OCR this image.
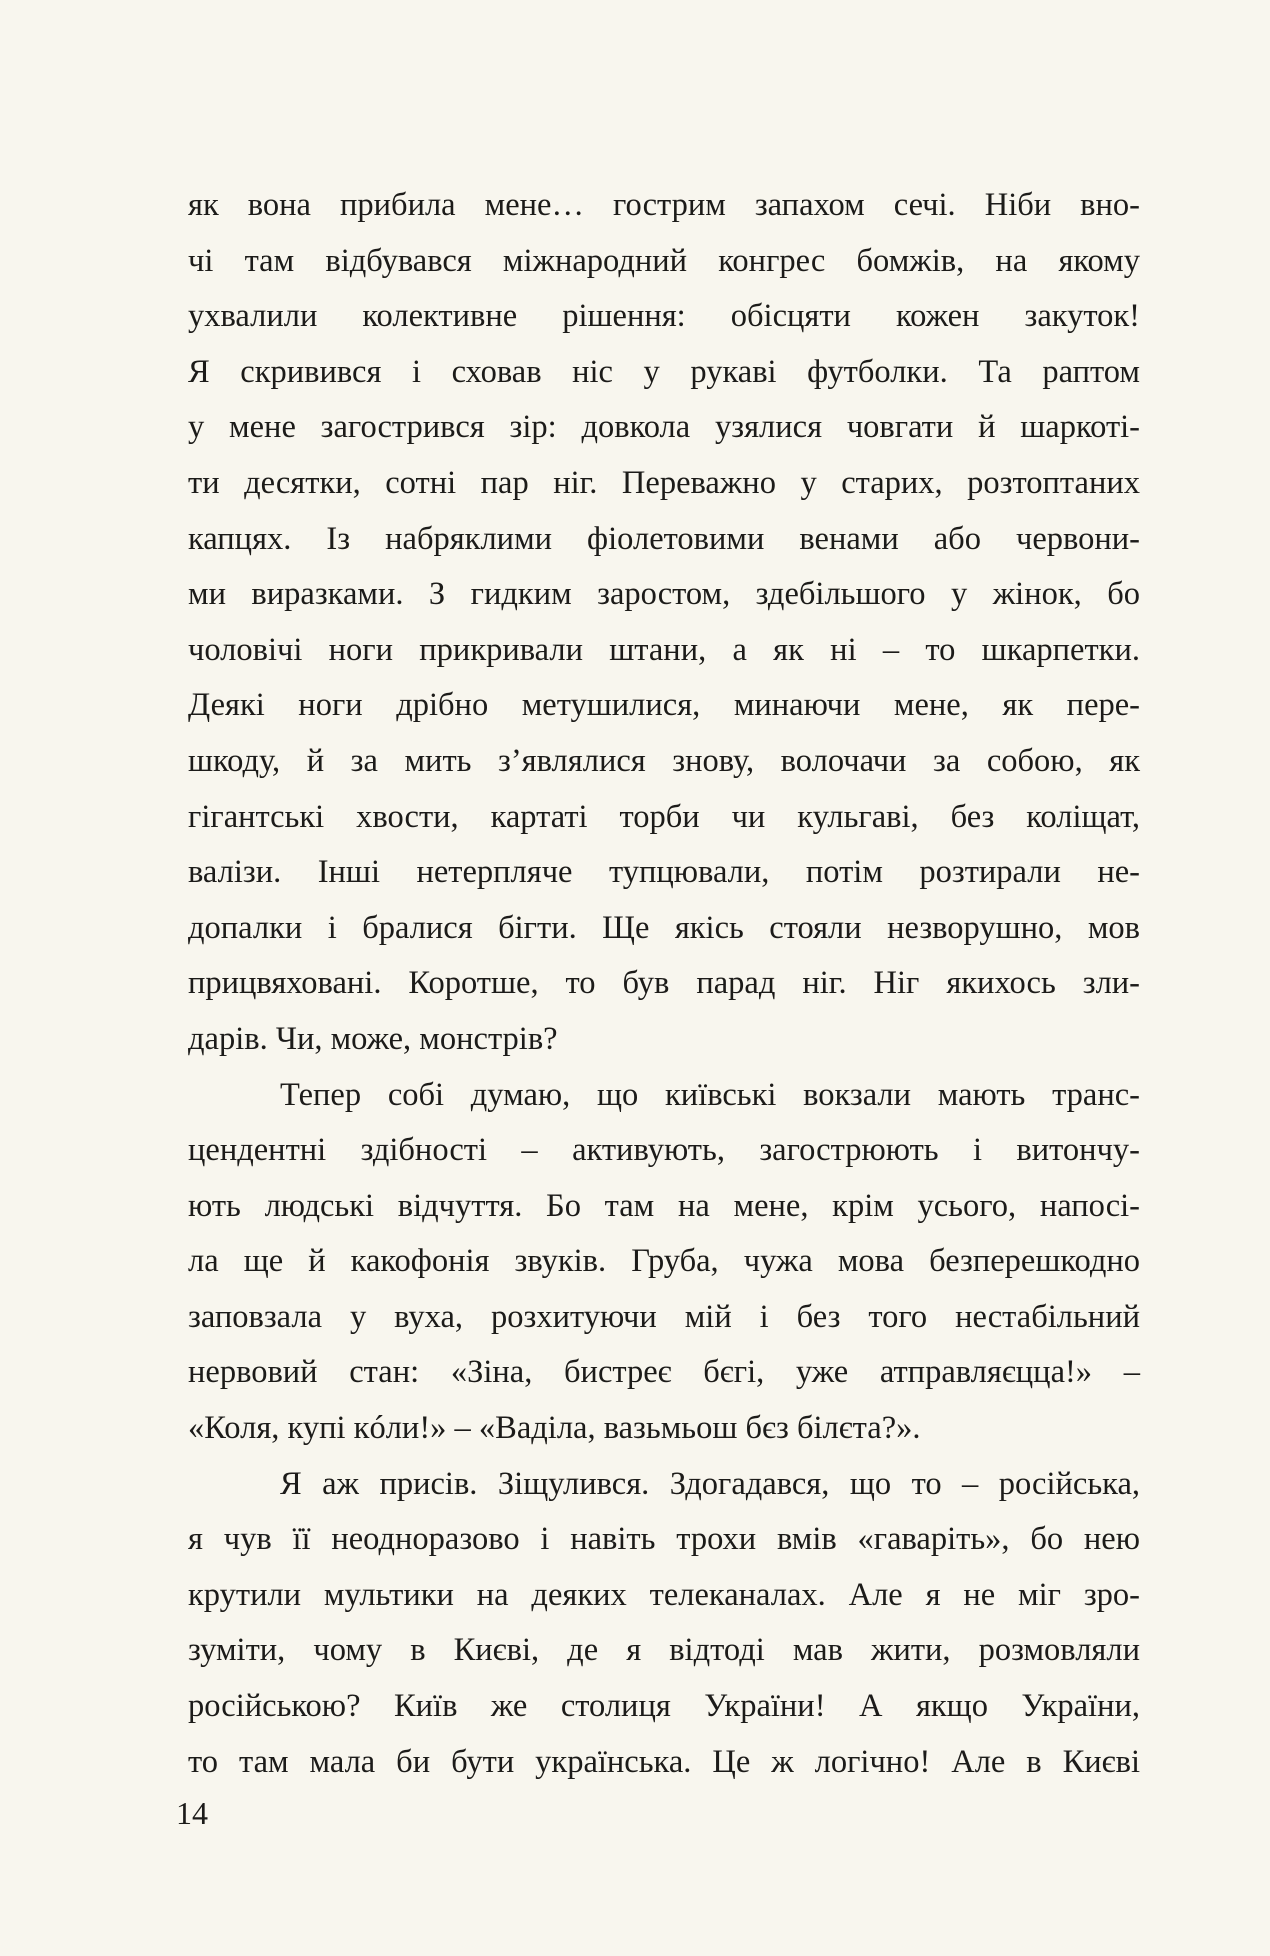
як вона прибила мене… гострим запахом сечі. Ніби вно-
чі там відбувався міжнародний конгрес бомжів, на якому
ухвалили колективне рішення: обісцяти кожен закуток!
Я скривився і сховав ніс у рукаві футболки. Та раптом
у мене загострився зір: довкола узялися човгати й шаркоті-
ти десятки, сотні пар ніг. Переважно у старих, розтоптаних
капцях. Із набряклими фіолетовими венами або червони-
ми виразками. З гидким заростом, здебільшого у жінок, бо
чоловічі ноги прикривали штани, а як ні – то шкарпетки.
Деякі ноги дрібно метушилися, минаючи мене, як пере-
шкоду, й за мить з’являлися знову, волочачи за собою, як
гігантські хвости, картаті торби чи кульгаві, без коліщат,
валізи. Інші нетерпляче тупцювали, потім розтирали не-
допалки і бралися бігти. Ще якісь стояли незворушно, мов
прицвяховані. Коротше, то був парад ніг. Ніг якихось зли-
дарів. Чи, може, монстрів?
Тепер собі думаю, що київські вокзали мають транс-
цендентні здібності – активують, загострюють і витончу-
ють людські відчуття. Бо там на мене, крім усього, напосі-
ла ще й какофонія звуків. Груба, чужа мова безперешкодно
заповзала у вуха, розхитуючи мій і без того нестабільний
нервовий стан: «Зіна, бистреє бєгі, уже атправляєцца!» –
«Коля, купі кóли!» – «Ваділа, вазьмьош бєз білєта?».
Я аж присів. Зіщулився. Здогадався, що то – російська,
я чув її неодноразово і навіть трохи вмів «гаваріть», бо нею
крутили мультики на деяких телеканалах. Але я не міг зро-
зуміти, чому в Києві, де я відтоді мав жити, розмовляли
російською? Київ же столиця України! А якщо України,
то там мала би бути українська. Це ж логічно! Але в Києві
14
